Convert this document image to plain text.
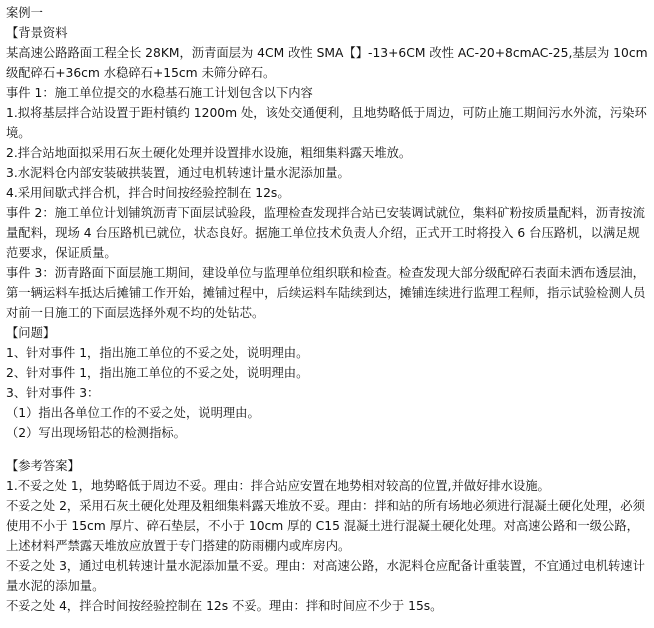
案例一

【背景资料

某高速公路路面工程全长 28KM，沥青面层为 4CM 改性 SMA【】-13+6CM 改性 AC-20+8cmAC-25,基层为 10cm 级配碎石+36cm 水稳碎石+15cm 未筛分碎石。

事件 1：施工单位提交的水稳基石施工计划包含以下内容

1.拟将基层拌合站设置于距村镇约 1200m 处，该处交通便利，且地势略低于周边，可防止施工期间污水外流，污染环境。

2.拌合站地面拟采用石灰土硬化处理并设置排水设施，粗细集料露天堆放。

3.水泥料仓内部安装破拱装置，通过电机转速计量水泥添加量。

4.采用间歇式拌合机，拌合时间按经验控制在 12s。

事件 2：施工单位计划铺筑沥青下面层试验段，监理检查发现拌合站已安装调试就位，集料矿粉按质量配料，沥青按流量配料，现场 4 台压路机已就位，状态良好。据施工单位技术负责人介绍，正式开工时将投入 6 台压路机，以满足规范要求，保证质量。

事件 3：沥青路面下面层施工期间，建设单位与监理单位组织联和检查。检查发现大部分级配碎石表面未洒布透层油，第一辆运料车抵达后摊铺工作开始，摊铺过程中，后续运料车陆续到达，摊铺连续进行监理工程师，指示试验检测人员对前一日施工的下面层选择外观不均的处钻芯。

【问题】

1、针对事件 1，指出施工单位的不妥之处，说明理由。

2、针对事件 1，指出施工单位的不妥之处，说明理由。

3、针对事件 3：

（1）指出各单位工作的不妥之处，说明理由。

（2）写出现场铅芯的检测指标。

【参考答案】

1.不妥之处 1，地势略低于周边不妥。理由：拌合站应安置在地势相对较高的位置,并做好排水设施。

不妥之处 2，采用石灰土硬化处理及粗细集料露天堆放不妥。理由：拌和站的所有场地必须进行混凝土硬化处理，必须使用不小于 15cm 厚片、碎石垫层，不小于 10cm 厚的 C15 混凝土进行混凝土硬化处理。对高速公路和一级公路，上述材料严禁露天堆放应放置于专门搭建的防雨棚内或库房内。

不妥之处 3，通过电机转速计量水泥添加量不妥。理由：对高速公路，水泥料仓应配备计重装置，不宜通过电机转速计量水泥的添加量。

不妥之处 4，拌合时间按经验控制在 12s 不妥。理由：拌和时间应不少于 15s。
